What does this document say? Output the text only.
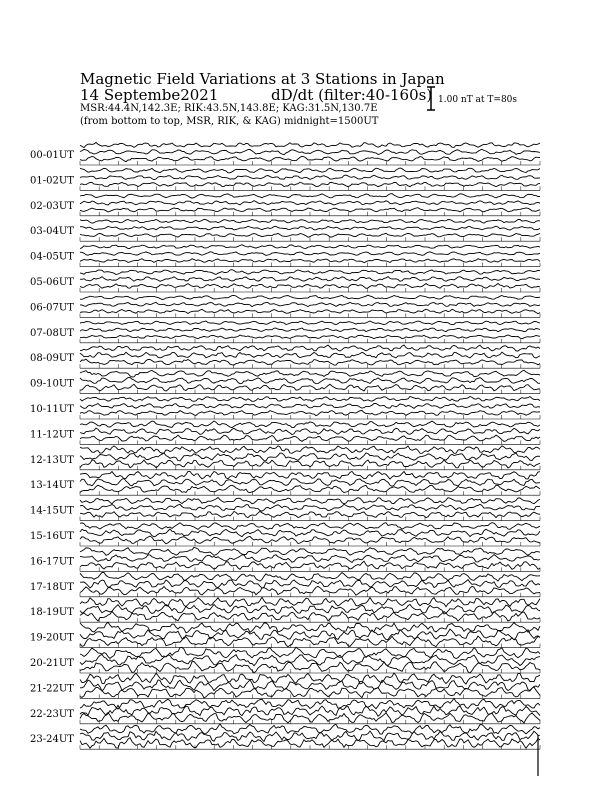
Magnetic Field Variations at 3 Stations in Japan
14 Septembe2021	dD/dt (filter:40-160s)
MSR:44.4N,142.3E; RIK:43.5N,143.8E; KAG:31.5N,130.7E
(from bottom to top, MSR, RIK, & KAG) midnight=1500UT
1.00 nT at T=80s
00-01UT
01-02UT
02-03UT
03-04UT
04-05UT
05-06UT
06-07UT
07-08UT
08-09UT
09-10UT
10-11UT
11-12UT
12-13UT
13-14UT
14-15UT
15-16UT
16-17UT
17-18UT
18-19UT
19-20UT
20-21UT
21-22UT
22-23UT
23-24UT
